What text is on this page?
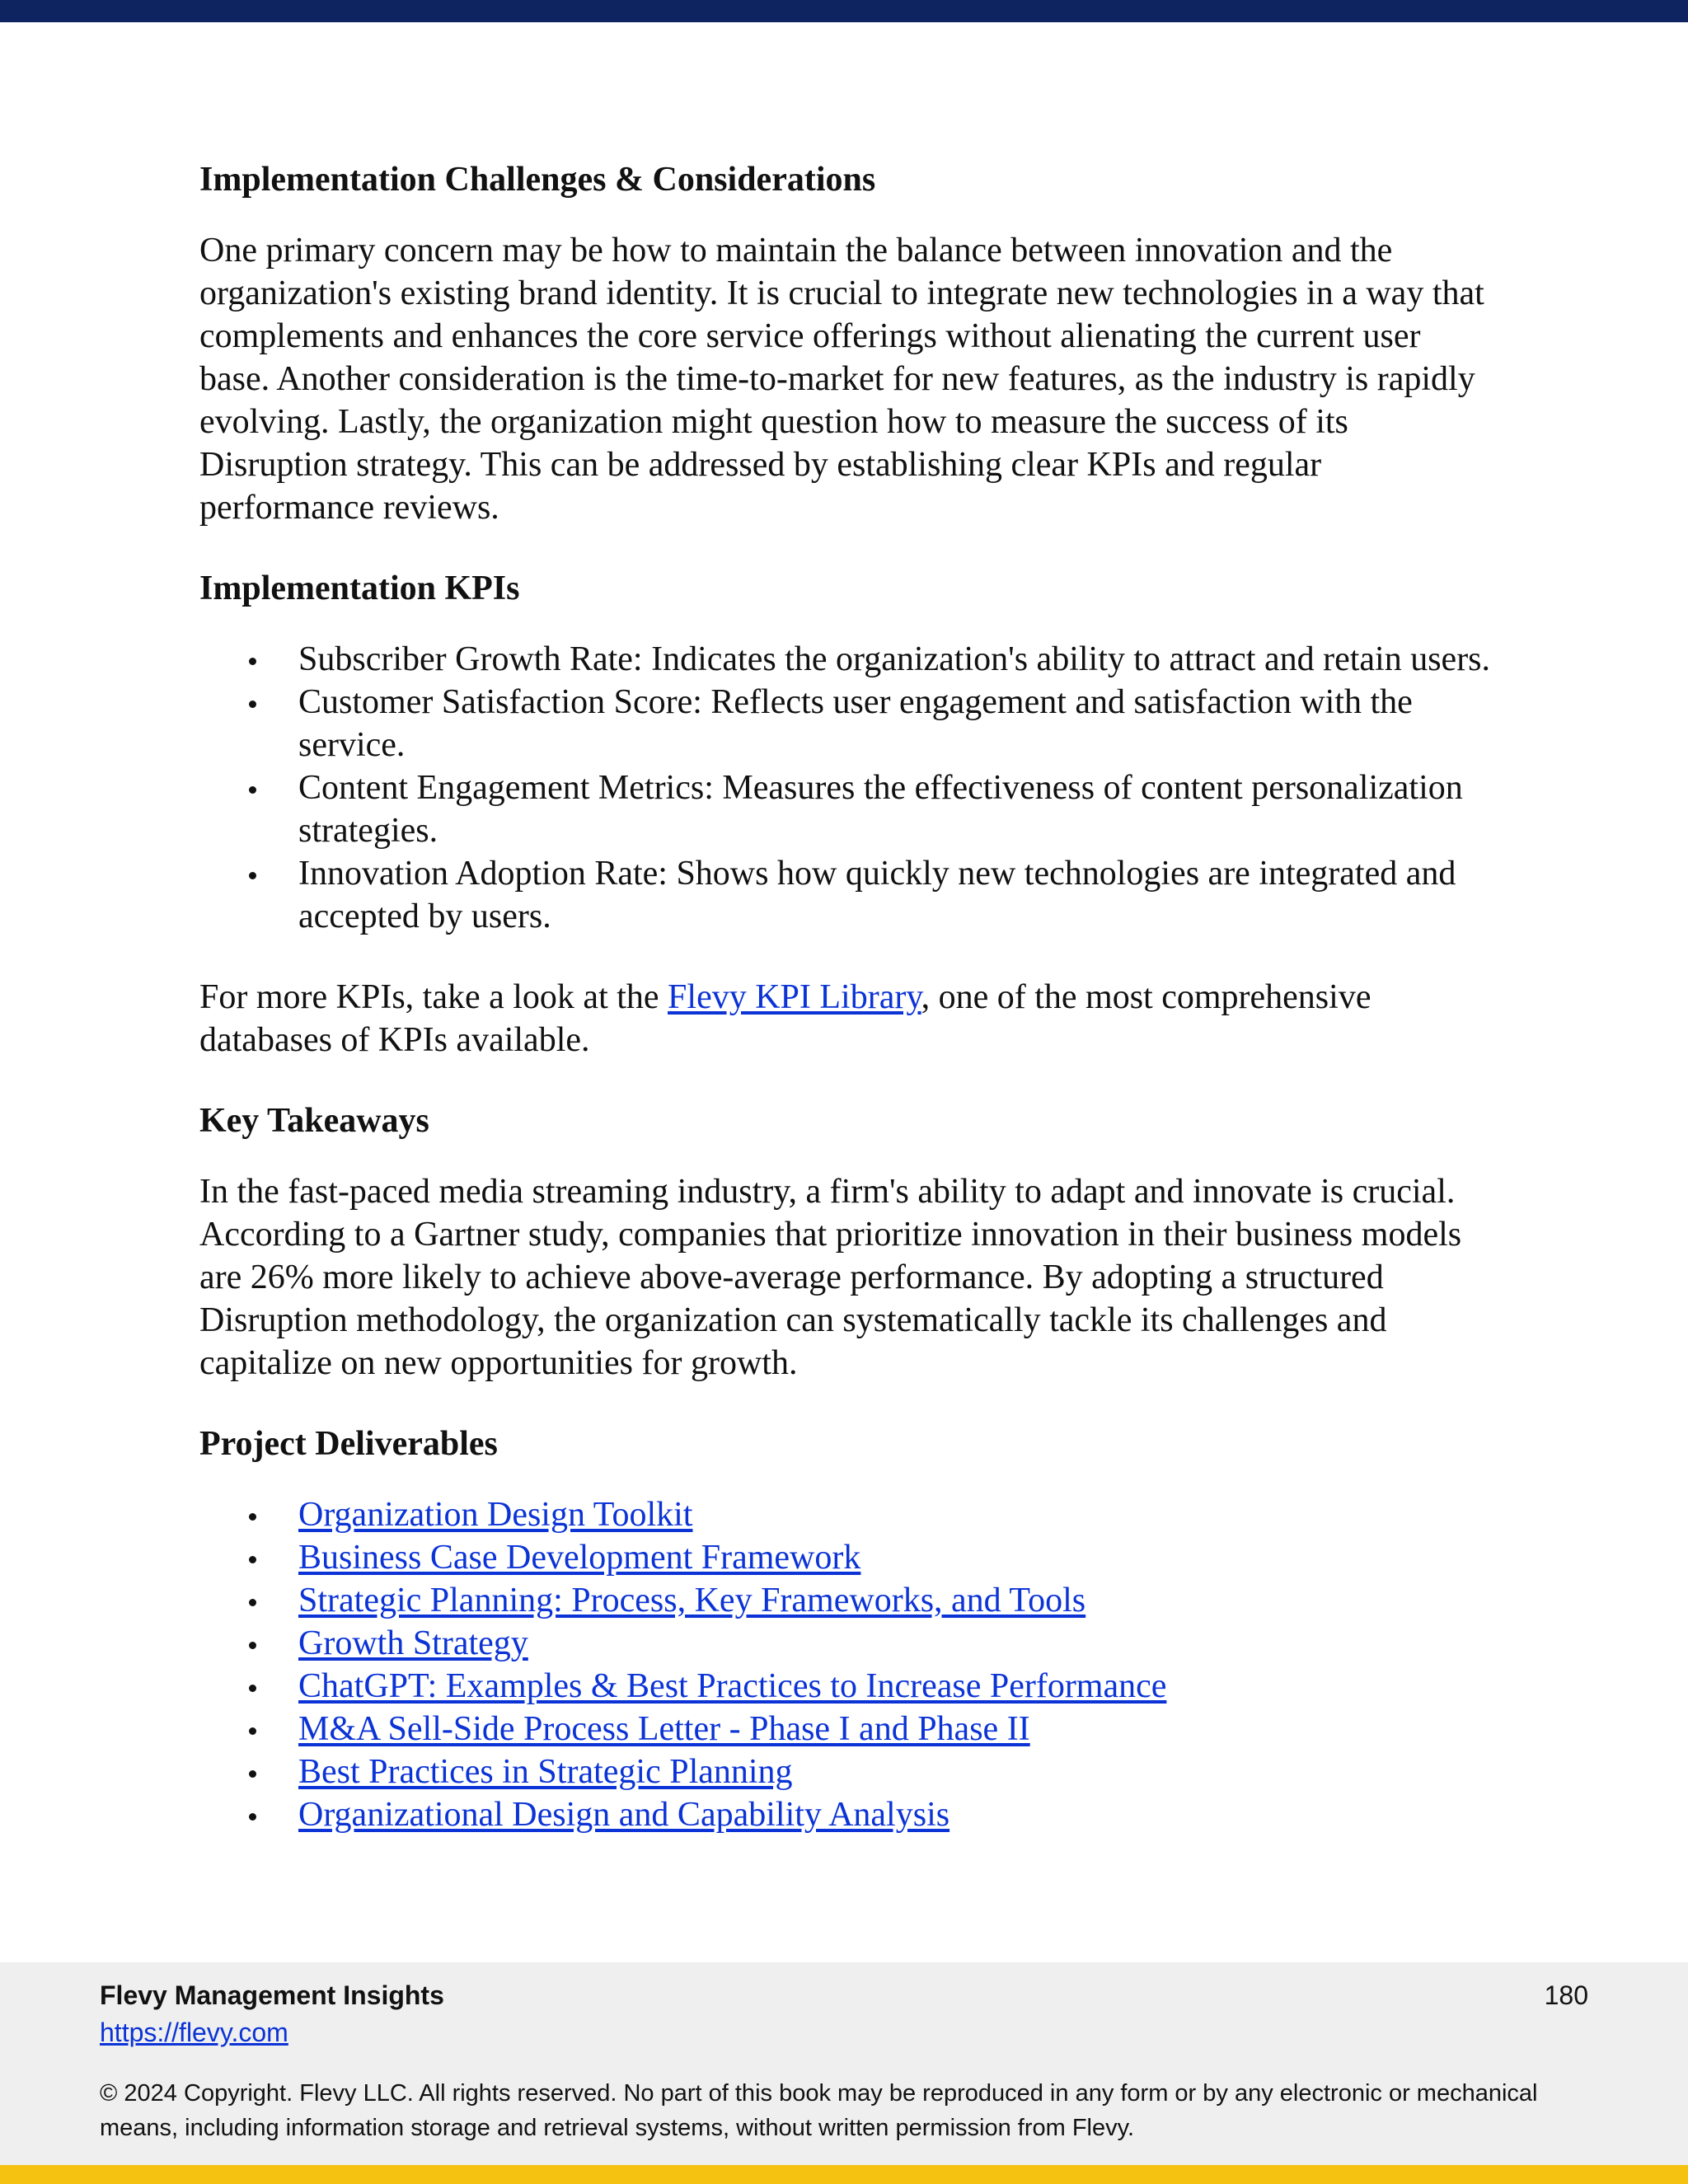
Implementation Challenges & Considerations

One primary concern may be how to maintain the balance between innovation and the organization's existing brand identity. It is crucial to integrate new technologies in a way that complements and enhances the core service offerings without alienating the current user base. Another consideration is the time-to-market for new features, as the industry is rapidly evolving. Lastly, the organization might question how to measure the success of its Disruption strategy. This can be addressed by establishing clear KPIs and regular performance reviews.

Implementation KPIs
Subscriber Growth Rate: Indicates the organization's ability to attract and retain users.
Customer Satisfaction Score: Reflects user engagement and satisfaction with the service.
Content Engagement Metrics: Measures the effectiveness of content personalization strategies.
Innovation Adoption Rate: Shows how quickly new technologies are integrated and accepted by users.

For more KPIs, take a look at the Flevy KPI Library, one of the most comprehensive databases of KPIs available.

Key Takeaways

In the fast-paced media streaming industry, a firm's ability to adapt and innovate is crucial. According to a Gartner study, companies that prioritize innovation in their business models are 26% more likely to achieve above-average performance. By adopting a structured Disruption methodology, the organization can systematically tackle its challenges and capitalize on new opportunities for growth.

Project Deliverables
Organization Design Toolkit
Business Case Development Framework
Strategic Planning: Process, Key Frameworks, and Tools
Growth Strategy
ChatGPT: Examples & Best Practices to Increase Performance
M&A Sell-Side Process Letter - Phase I and Phase II
Best Practices in Strategic Planning
Organizational Design and Capability Analysis
Flevy Management Insights
https://flevy.com
180
© 2024 Copyright. Flevy LLC. All rights reserved. No part of this book may be reproduced in any form or by any electronic or mechanical means, including information storage and retrieval systems, without written permission from Flevy.
